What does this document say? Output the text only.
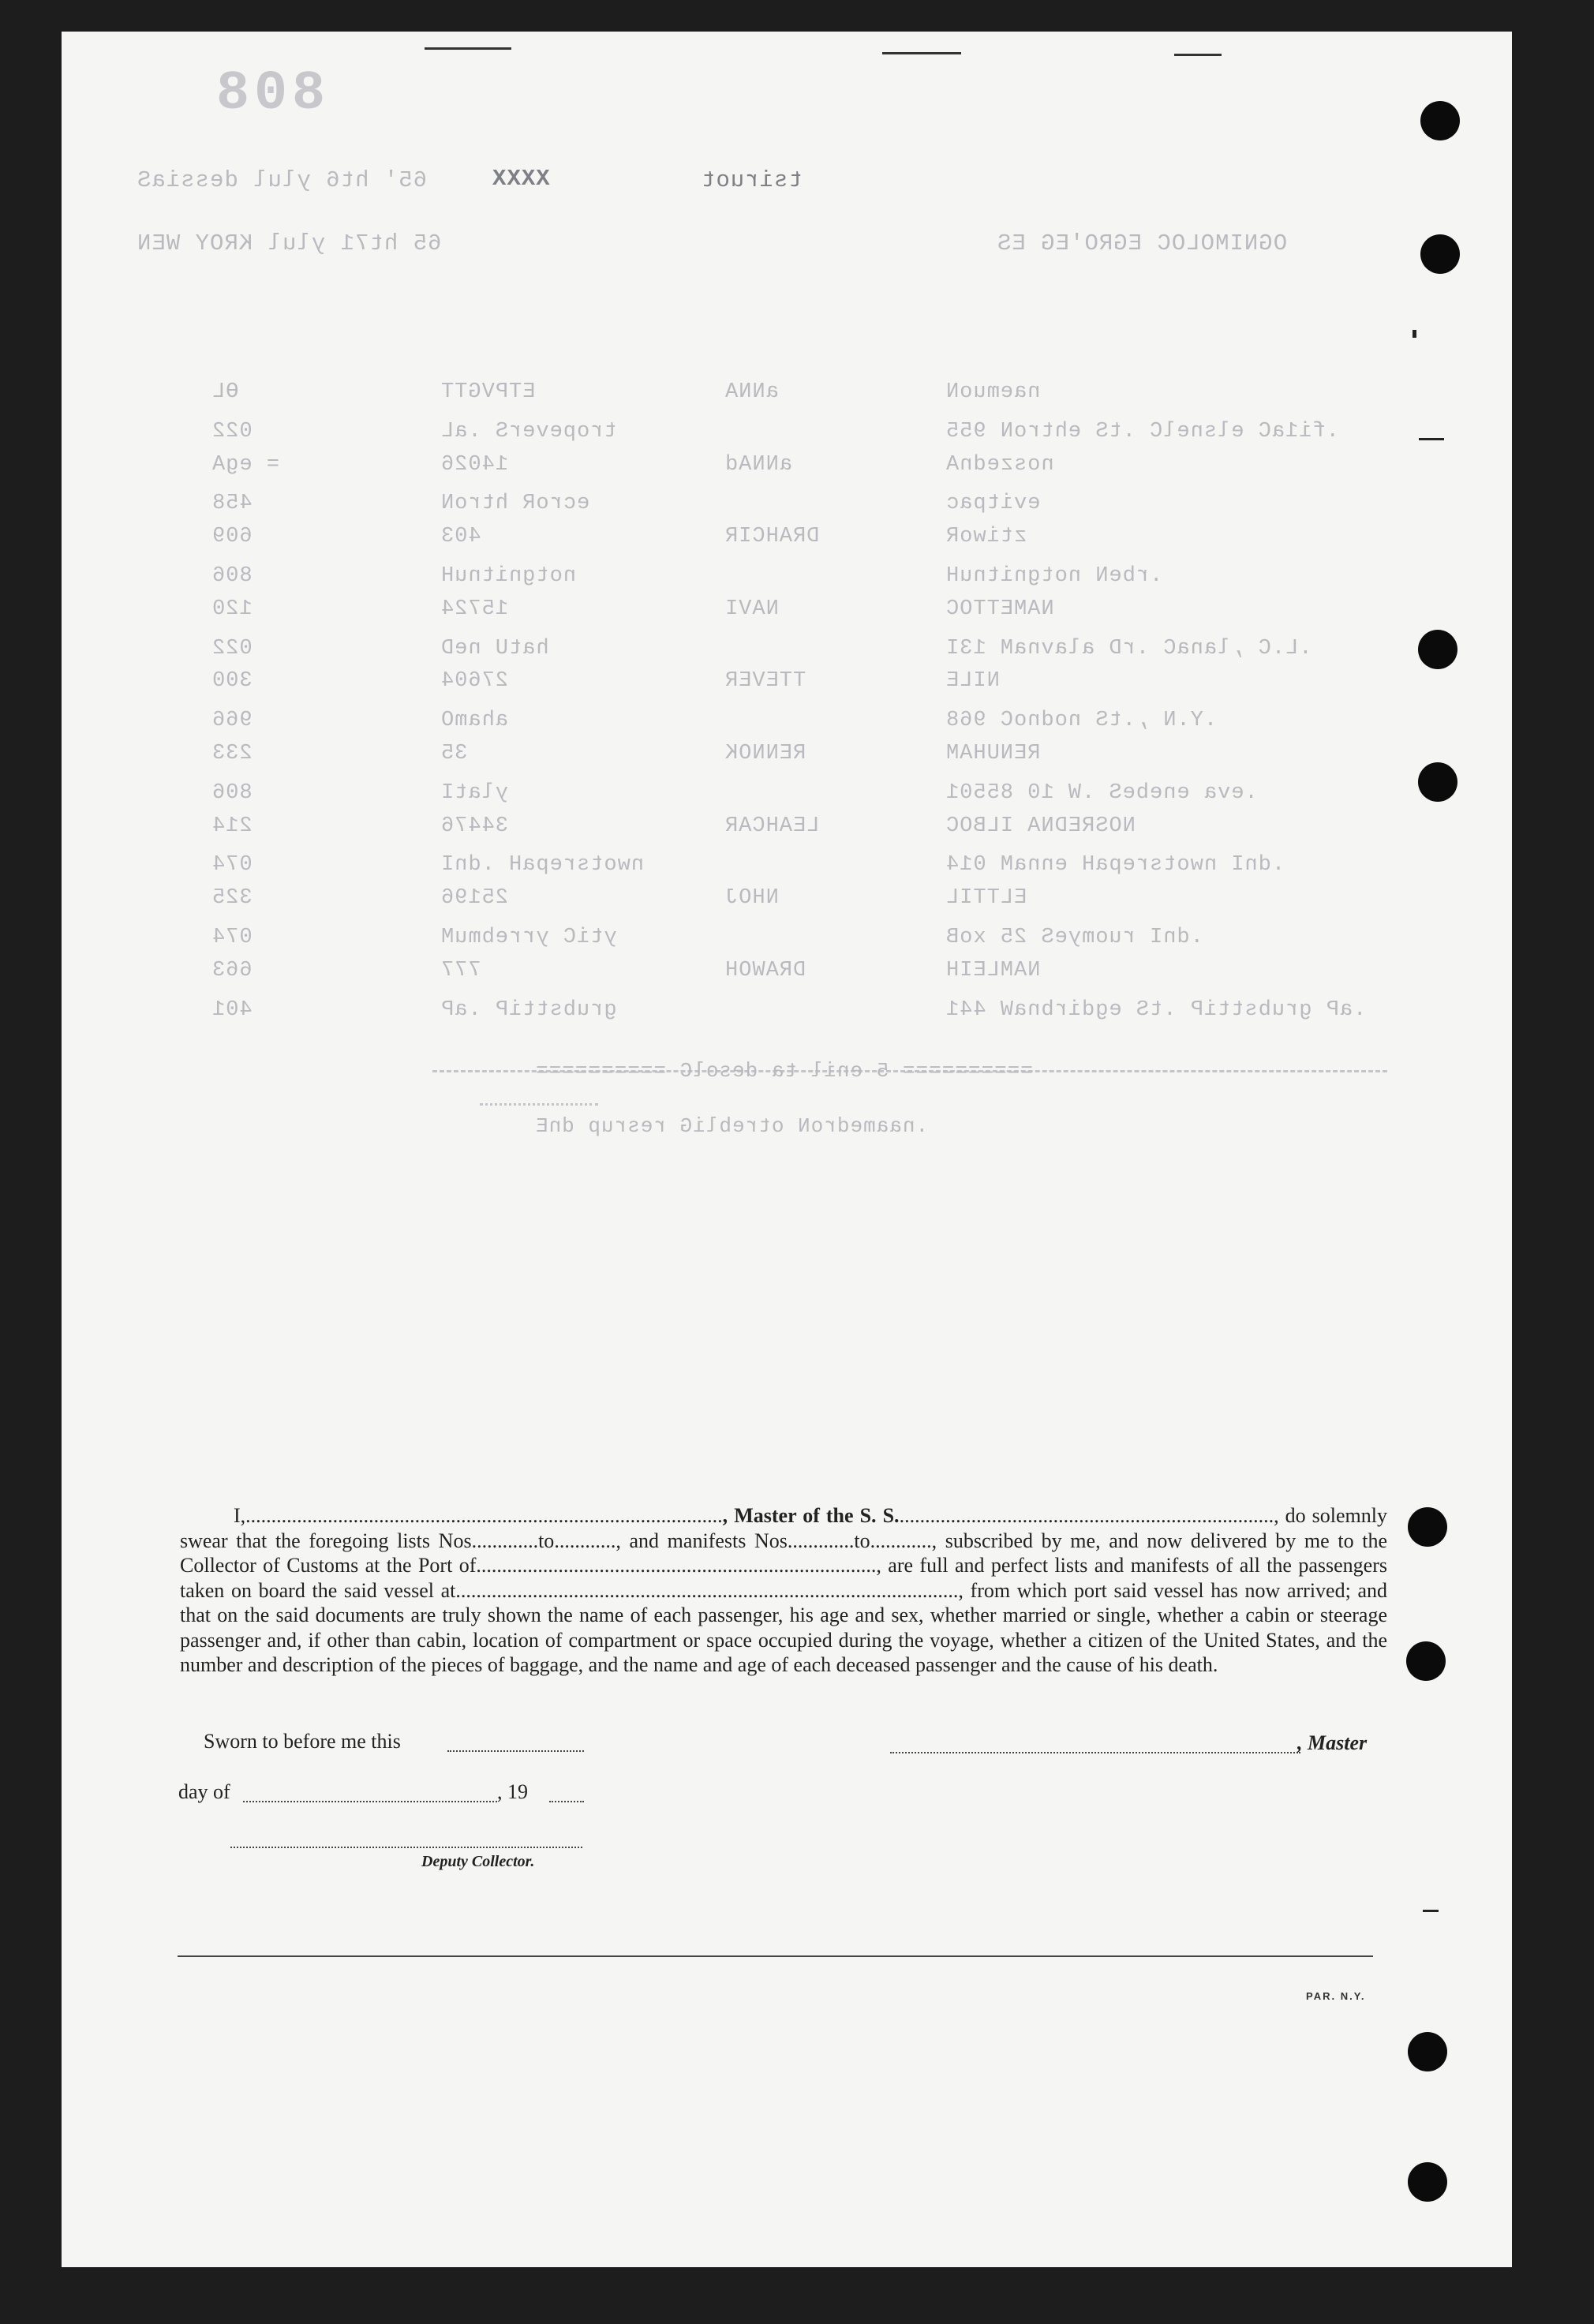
808
tsiruot
XXXX
65' ht6 ylul dessiaS
OGNIMOLOC EGRO'EG ES
65 ht71 ylul KROY WEN
naemuoN
aNNA
ETPVGTT
ӨL
.fi1aC elsnelC .tS ehtroN 955
tropeverS .aL
022
noszednA
aNNAd
14026
= egA
evitpac
ecroR htroN
458
ztiwoR
DRAHCIR
403
609
.rbeN notgnitnuH
notgnitnuH
806
NAMETTOC
NAVI
15724
120
.L.C ,lanaC .rD alavnaM 13I
hatU neD
022
NILE
TTEVER
27604
300
.Y.N ,.tS nodnoC 968
ahamO
966
RENUHAM
RENNOK
35
233
.eva enebeS .W 10 85501
ylatI
806
NOSREDNA ILBOC
LEAHCAR
34476
214
.dnI nwotsrepaH ennaM 014
nwotsrepaH .dnI
074
ELTTIL
NHOJ
25196
325
.dnI ruomyeS 25 xoB
ytiC yrrebmuM
074
NAMLEIH
DRAWOH
777
663
.aP grubsttiP .tS egdirbnaW 441
grubsttiP .aP
401
========== 5 enil ta desolC ==========
.naamedroN otrebliG resrup dnE

I,............................................................................................., Master of the S. S.........................................................................., do solemnly swear that the foregoing lists Nos.............to............, and manifests Nos.............to............, subscribed by me, and now delivered by me to the Collector of Customs at the Port of.............................................................................., are full and perfect lists and manifests of all the passengers taken on board the said vessel at.................................................................................................., from which port said vessel has now arrived; and that on the said documents are truly shown the name of each passenger, his age and sex, whether married or single, whether a cabin or steerage passenger and, if other than cabin, location of compartment or space occupied during the voyage, whether a citizen of the United States, and the number and description of the pieces of baggage, and the name and age of each deceased passenger and the cause of his death.

Sworn to before me this	, Master
day of	, 19
Deputy Collector.
PAR. N.Y.
